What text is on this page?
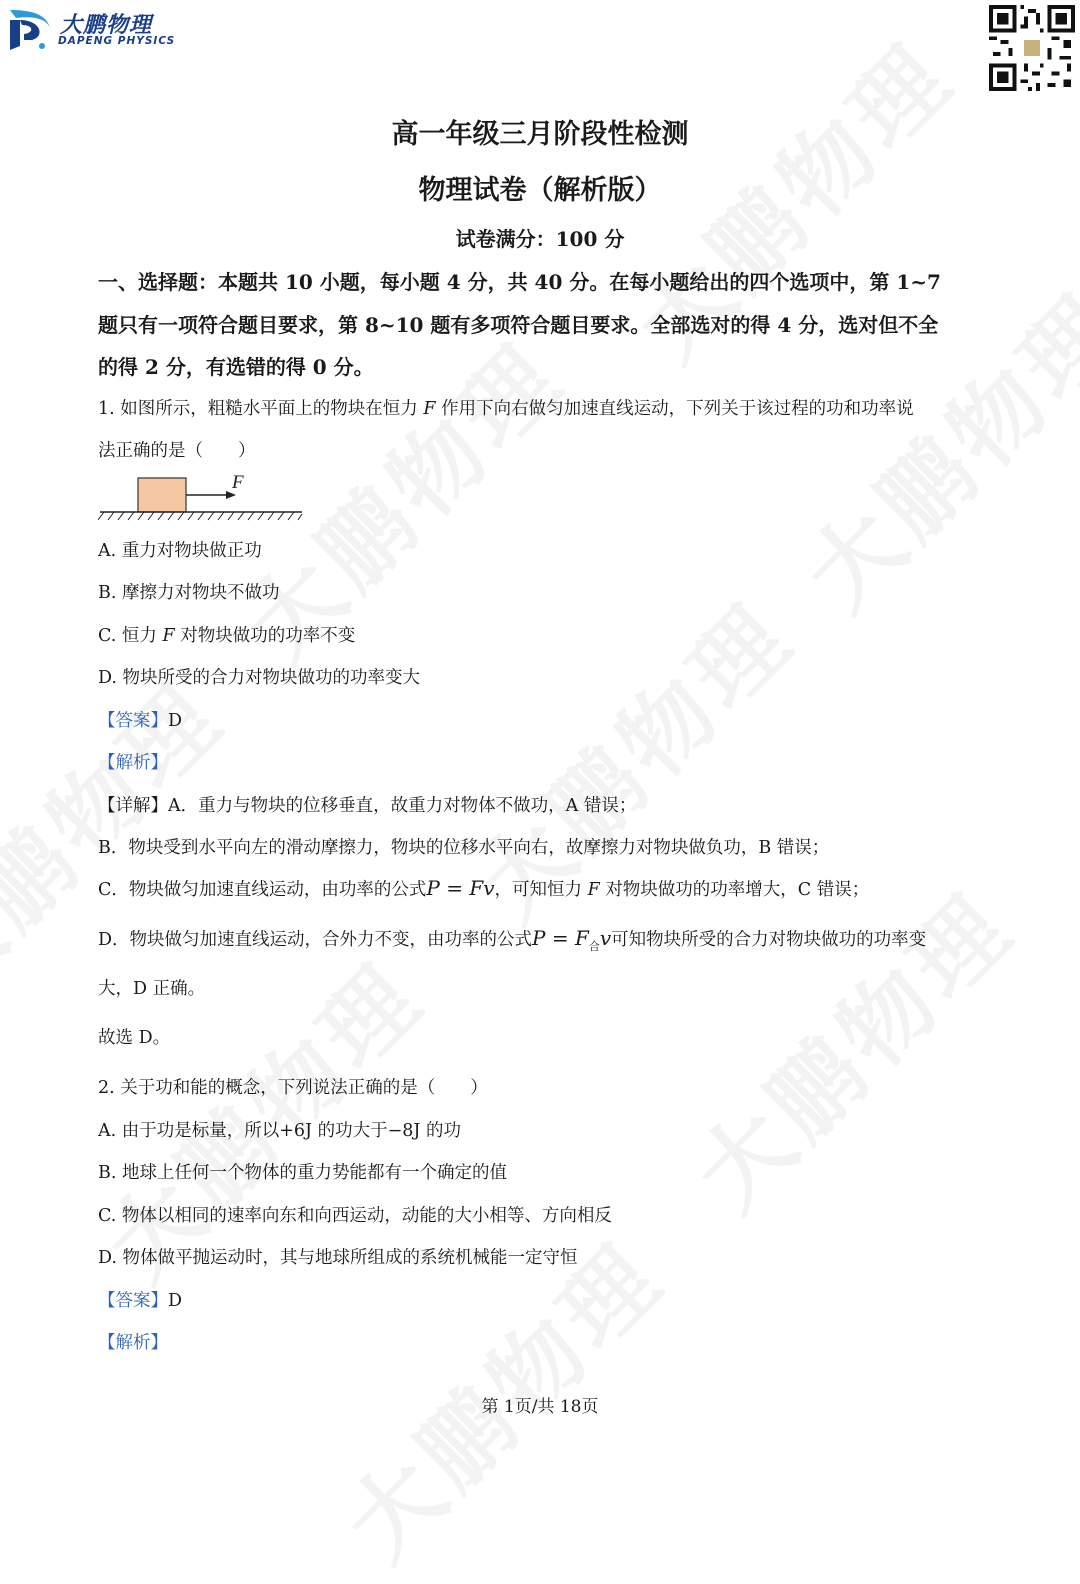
大鹏物理
DAPENG PHYSICS
高一年级三月阶段性检测
物理试卷（解析版）
试卷满分：100 分
一、选择题：本题共 10 小题，每小题 4 分，共 40 分。在每小题给出的四个选项中，第 1~7
题只有一项符合题目要求，第 8~10 题有多项符合题目要求。全部选对的得 4 分，选对但不全
的得 2 分，有选错的得 0 分。
1. 如图所示，粗糙水平面上的物块在恒力 F 作用下向右做匀加速直线运动，下列关于该过程的功和功率说
法正确的是（　　）
F
A. 重力对物块做正功
B. 摩擦力对物块不做功
C. 恒力 F 对物块做功的功率不变
D. 物块所受的合力对物块做功的功率变大
【答案】D
【解析】
【详解】A．重力与物块的位移垂直，故重力对物体不做功，A 错误；
B．物块受到水平向左的滑动摩擦力，物块的位移水平向右，故摩擦力对物块做负功，B 错误；
C．物块做匀加速直线运动，由功率的公式P = Fv，可知恒力 F 对物块做功的功率增大，C 错误；
D．物块做匀加速直线运动，合外力不变，由功率的公式$P = F_合v$可知物块所受的合力对物块做功的功率变
大，D 正确。
故选 D。
2. 关于功和能的概念，下列说法正确的是（　　）
A. 由于功是标量，所以+6J 的功大于−8J 的功
B. 地球上任何一个物体的重力势能都有一个确定的值
C. 物体以相同的速率向东和向西运动，动能的大小相等、方向相反
D. 物体做平抛运动时，其与地球所组成的系统机械能一定守恒
【答案】D
【解析】
第 1页/共 18页
